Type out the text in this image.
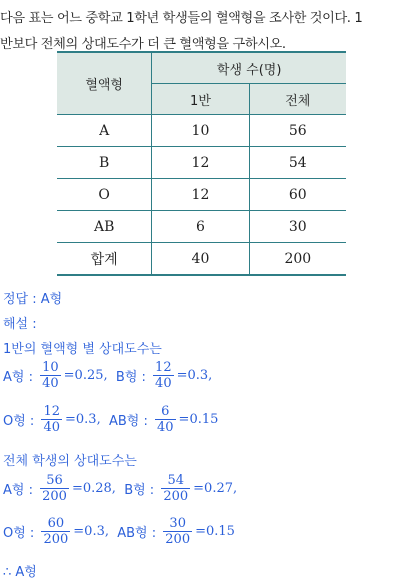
다음 표는 어느 중학교 1학년 학생들의 혈액형을 조사한 것이다. 1
반보다 전체의 상대도수가 더 큰 혈액형을 구하시오.
혈액형	학생 수(명)	
	1반	전체
A	10	56
B	12	54
O	12	60
AB	6	30
합계	40	200
정답 : A형
해설 :
1반의 혈액형 별 상대도수는
A형 : $\frac{10}{40} =0.25$, B형 : $\frac{12}{40} =0.3$,
O형 : $\frac{12}{40} =0.3$, AB형 : $\frac{6}{40} =0.15$
전체 학생의 상대도수는
A형 : $\frac{56}{200} =0.28$, B형 : $\frac{54}{200} =0.27$,
O형 : $\frac{60}{200} =0.3$, AB형 : $\frac{30}{200} =0.15$
∴ A형
